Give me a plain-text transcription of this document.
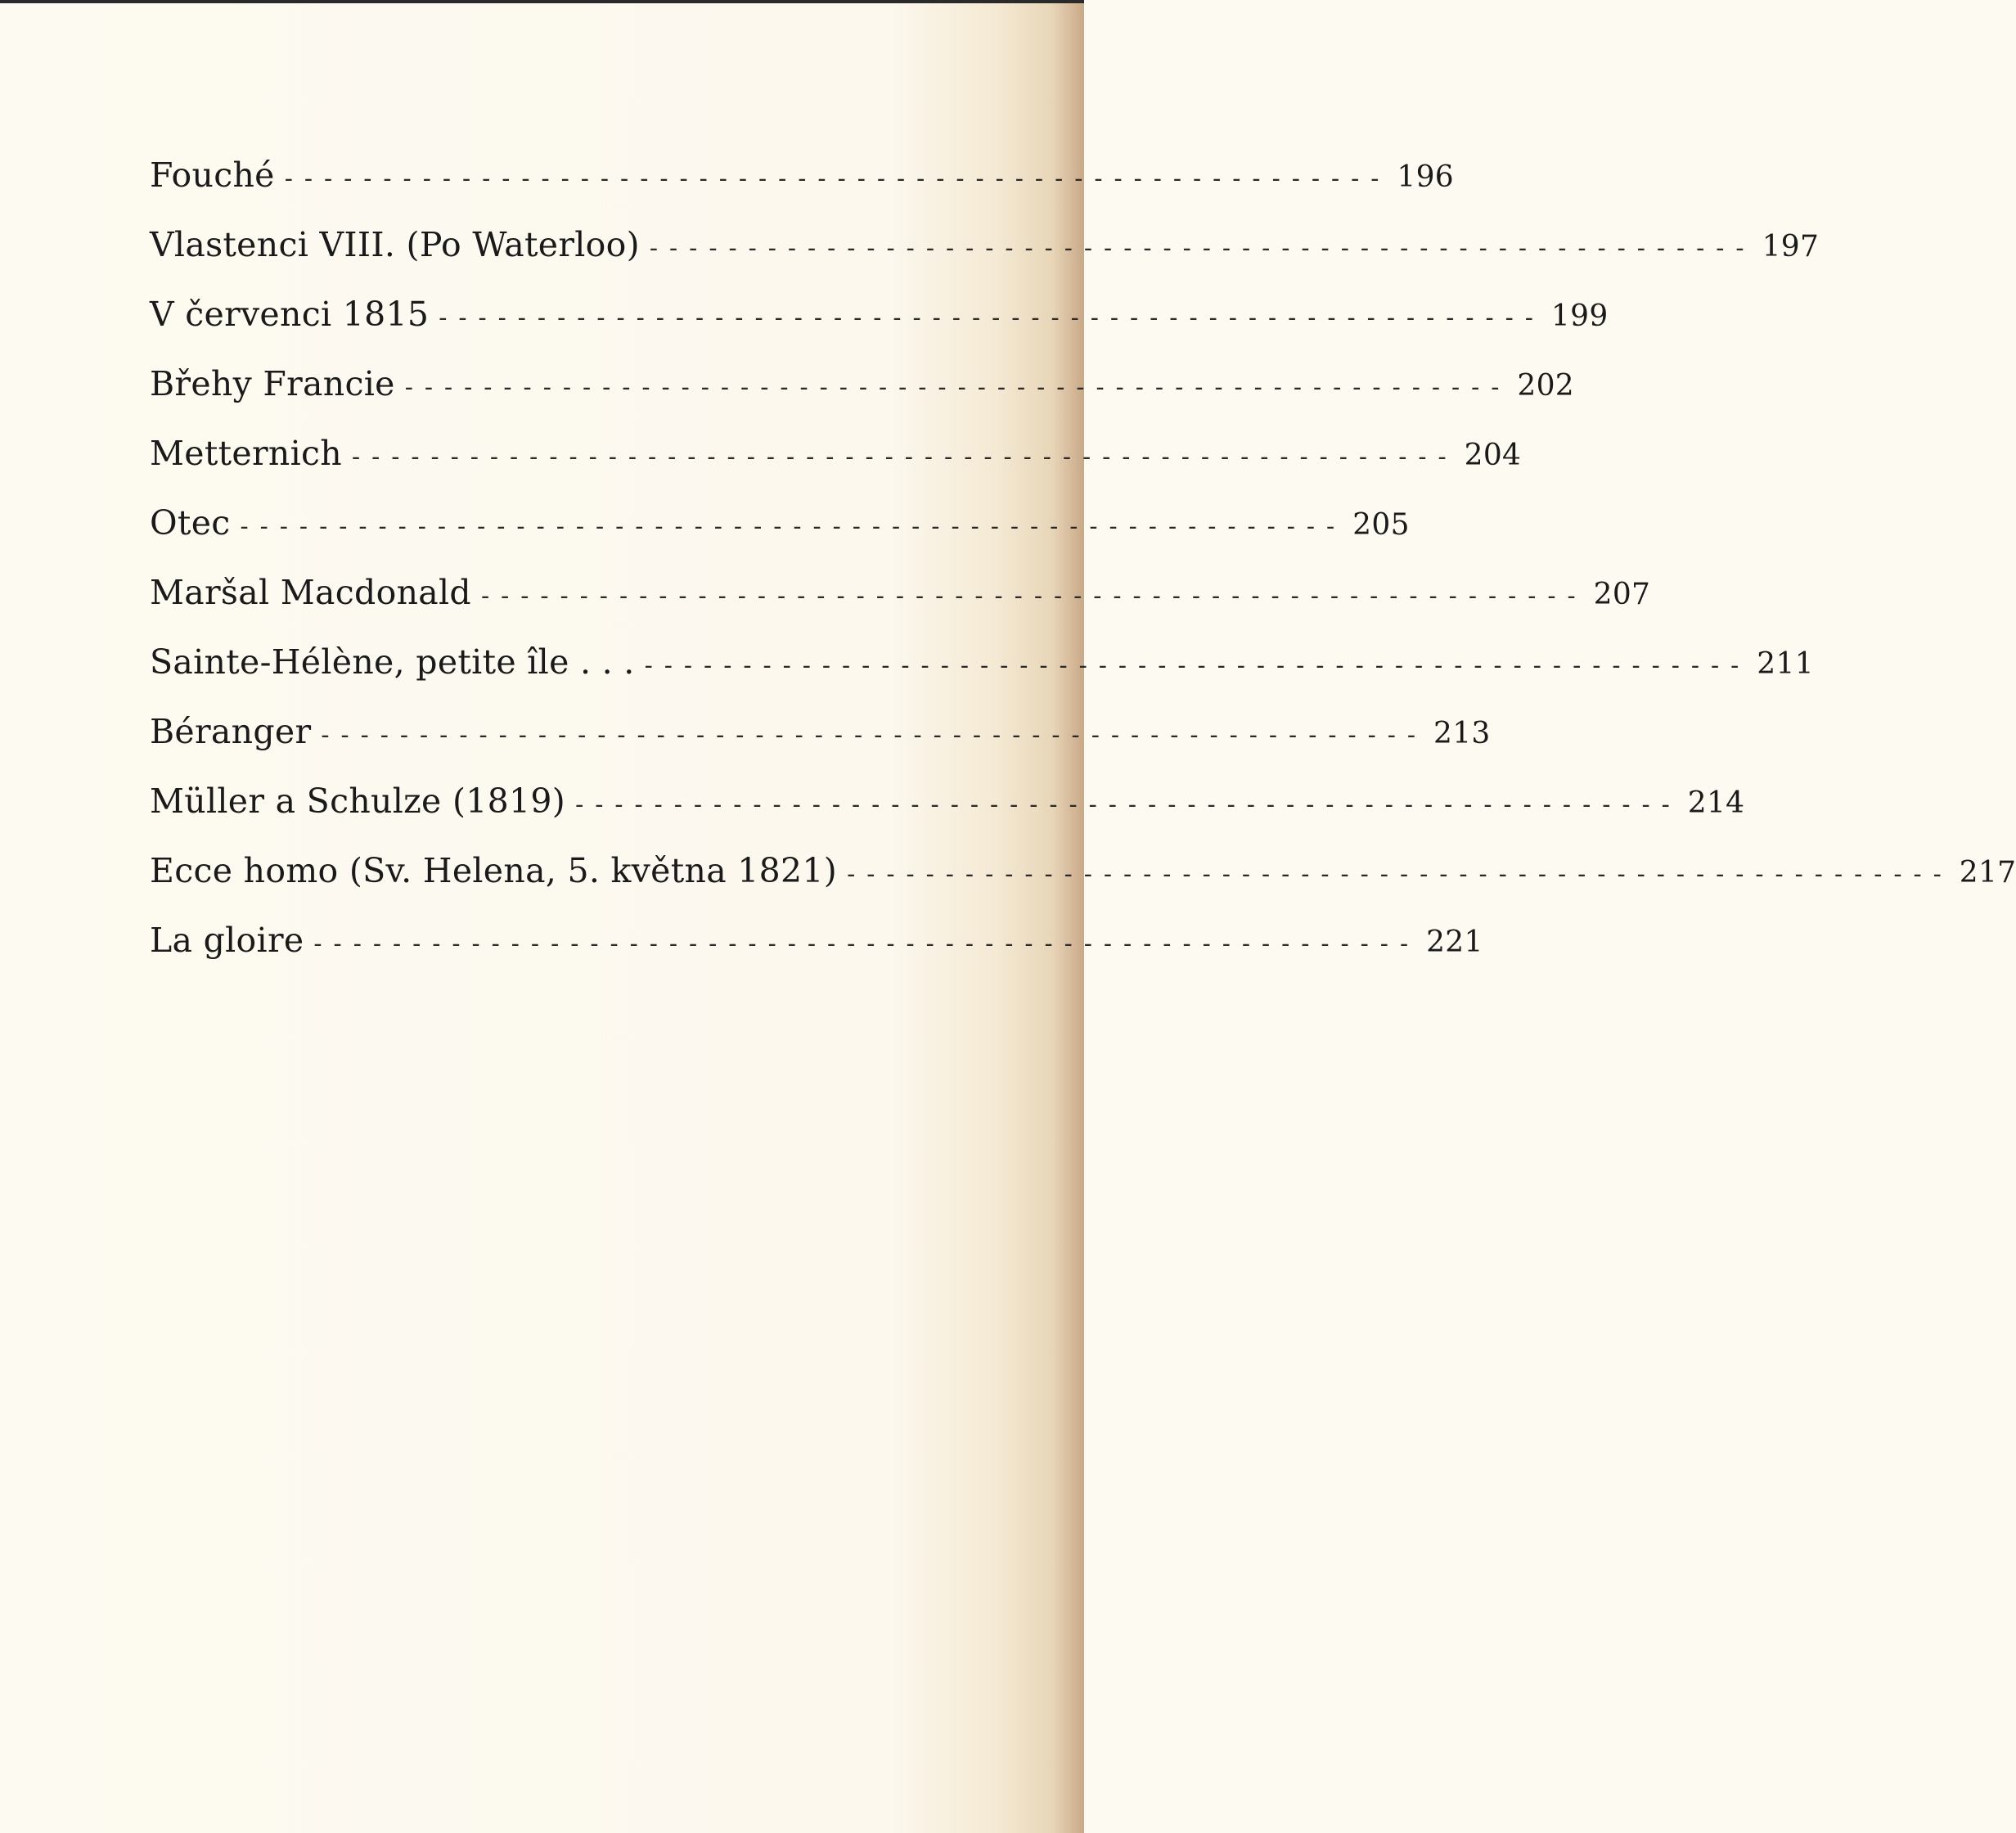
Fouché -------------------------------------------------------- 196
Vlastenci VIII. (Po Waterloo) -------------------------------------------------------- 197
V červenci 1815 -------------------------------------------------------- 199
Břehy Francie -------------------------------------------------------- 202
Metternich -------------------------------------------------------- 204
Otec -------------------------------------------------------- 205
Maršal Macdonald -------------------------------------------------------- 207
Sainte-Hélène, petite île . . . -------------------------------------------------------- 211
Béranger -------------------------------------------------------- 213
Müller a Schulze (1819) -------------------------------------------------------- 214
Ecce homo (Sv. Helena, 5. května 1821) -------------------------------------------------------- 217
La gloire -------------------------------------------------------- 221
